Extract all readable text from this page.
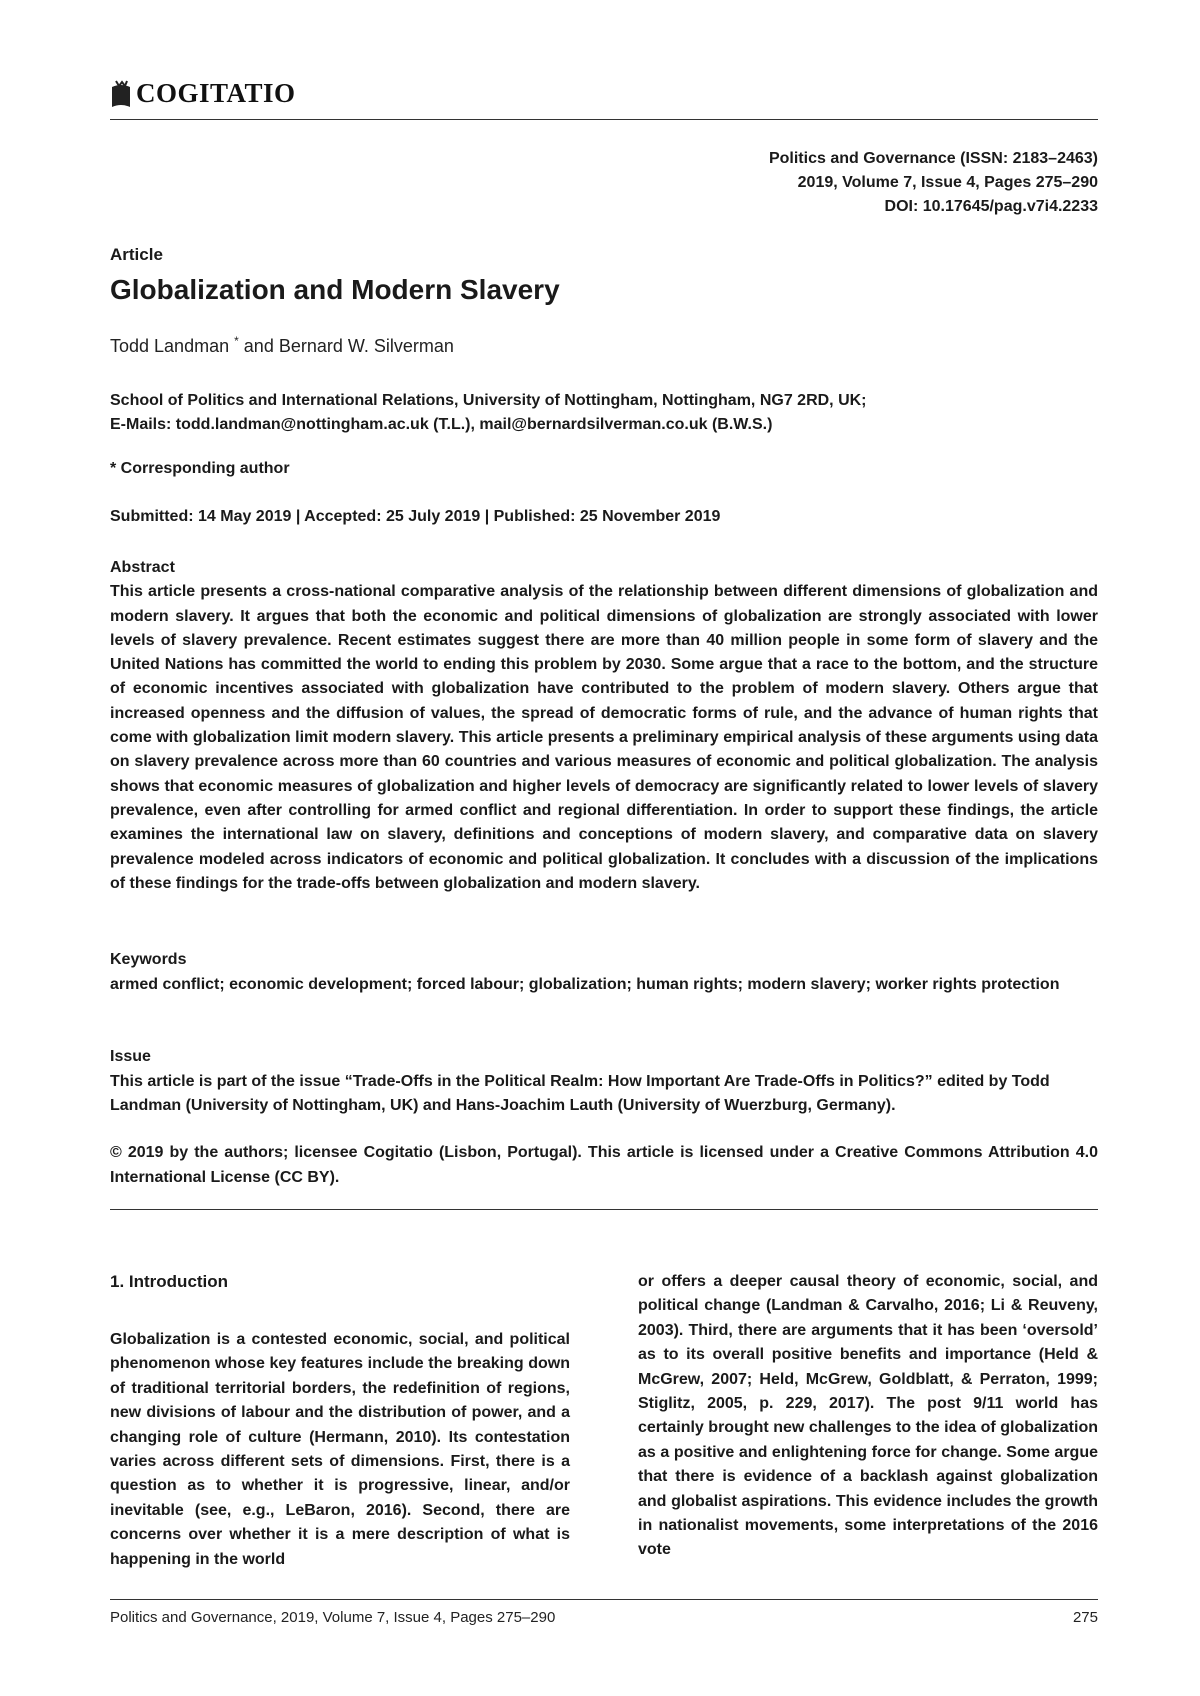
COGITATIO
Politics and Governance (ISSN: 2183–2463)
2019, Volume 7, Issue 4, Pages 275–290
DOI: 10.17645/pag.v7i4.2233
Article
Globalization and Modern Slavery
Todd Landman * and Bernard W. Silverman
School of Politics and International Relations, University of Nottingham, Nottingham, NG7 2RD, UK;
E-Mails: todd.landman@nottingham.ac.uk (T.L.), mail@bernardsilverman.co.uk (B.W.S.)
* Corresponding author
Submitted: 14 May 2019 | Accepted: 25 July 2019 | Published: 25 November 2019

Abstract

This article presents a cross-national comparative analysis of the relationship between different dimensions of globalization and modern slavery. It argues that both the economic and political dimensions of globalization are strongly associated with lower levels of slavery prevalence. Recent estimates suggest there are more than 40 million people in some form of slavery and the United Nations has committed the world to ending this problem by 2030. Some argue that a race to the bottom, and the structure of economic incentives associated with globalization have contributed to the problem of modern slavery. Others argue that increased openness and the diffusion of values, the spread of democratic forms of rule, and the advance of human rights that come with globalization limit modern slavery. This article presents a preliminary empirical analysis of these arguments using data on slavery prevalence across more than 60 countries and various measures of economic and political globalization. The analysis shows that economic measures of globalization and higher levels of democracy are significantly related to lower levels of slavery prevalence, even after controlling for armed conflict and regional differentiation. In order to support these findings, the article examines the international law on slavery, definitions and conceptions of modern slavery, and comparative data on slavery prevalence modeled across indicators of economic and political globalization. It concludes with a discussion of the implications of these findings for the trade-offs between globalization and modern slavery.

Keywords

armed conflict; economic development; forced labour; globalization; human rights; modern slavery; worker rights protection

Issue

This article is part of the issue “Trade-Offs in the Political Realm: How Important Are Trade-Offs in Politics?” edited by Todd Landman (University of Nottingham, UK) and Hans-Joachim Lauth (University of Wuerzburg, Germany).

© 2019 by the authors; licensee Cogitatio (Lisbon, Portugal). This article is licensed under a Creative Commons Attribution 4.0 International License (CC BY).

1. Introduction

Globalization is a contested economic, social, and political phenomenon whose key features include the breaking down of traditional territorial borders, the redefinition of regions, new divisions of labour and the distribution of power, and a changing role of culture (Hermann, 2010). Its contestation varies across different sets of dimensions. First, there is a question as to whether it is progressive, linear, and/or inevitable (see, e.g., LeBaron, 2016). Second, there are concerns over whether it is a mere description of what is happening in the world

or offers a deeper causal theory of economic, social, and political change (Landman & Carvalho, 2016; Li & Reuveny, 2003). Third, there are arguments that it has been ‘oversold’ as to its overall positive benefits and importance (Held & McGrew, 2007; Held, McGrew, Goldblatt, & Perraton, 1999; Stiglitz, 2005, p. 229, 2017). The post 9/11 world has certainly brought new challenges to the idea of globalization as a positive and enlightening force for change. Some argue that there is evidence of a backlash against globalization and globalist aspirations. This evidence includes the growth in nationalist movements, some interpretations of the 2016 vote

Politics and Governance, 2019, Volume 7, Issue 4, Pages 275–290	275
